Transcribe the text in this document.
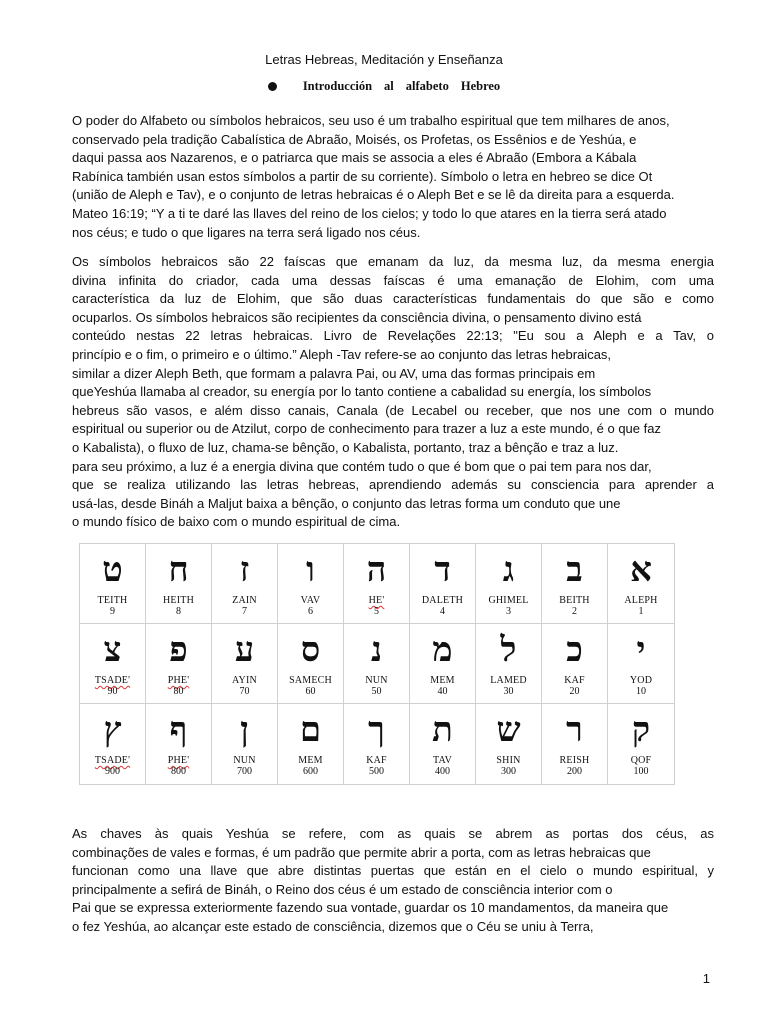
Letras Hebreas, Meditación y Enseñanza
Introducción al alfabeto Hebreo
O poder do Alfabeto ou símbolos hebraicos, seu uso é um trabalho espiritual que tem milhares de anos,
conservado pela tradição Cabalística de Abraão, Moisés, os Profetas, os Essênios e de Yeshúa, e
daqui passa aos Nazarenos, e o patriarca que mais se associa a eles é Abraão (Embora a Kábala
Rabínica también usan estos símbolos a partir de su corriente). Símbolo o letra en hebreo se dice Ot
(união de Aleph e Tav), e o conjunto de letras hebraicas é o Aleph Bet e se lê da direita para a esquerda.
Mateo 16:19; “Y a ti te daré las llaves del reino de los cielos; y todo lo que atares en la tierra será atado
nos céus; e tudo o que ligares na terra será ligado nos céus.
Os símbolos hebraicos são 22 faíscas que emanam da luz, da mesma luz, da mesma energia
divina infinita do criador, cada uma dessas faíscas é uma emanação de Elohim, com uma
característica da luz de Elohim, que são duas características fundamentais do que são e como
ocuparlos. Os símbolos hebraicos são recipientes da consciência divina, o pensamento divino está
conteúdo nestas 22 letras hebraicas. Livro de Revelações 22:13; "Eu sou a Aleph e a Tav, o
princípio e o fim, o primeiro e o último.” Aleph -Tav refere-se ao conjunto das letras hebraicas,
similar a dizer Aleph Beth, que formam a palavra Pai, ou AV, uma das formas principais em
queYeshúa llamaba al creador, su energía por lo tanto contiene a cabalidad su energía, los símbolos
hebreus são vasos, e além disso canais, Canala (de Lecabel ou receber, que nos une com o mundo
espiritual ou superior ou de Atzilut, corpo de conhecimento para trazer a luz a este mundo, é o que faz
o Kabalista), o fluxo de luz, chama-se bênção, o Kabalista, portanto, traz a bênção e traz a luz.
para seu próximo, a luz é a energia divina que contém tudo o que é bom que o pai tem para nos dar,
que se realiza utilizando las letras hebreas, aprendiendo además su consciencia para aprender a
usá-las, desde Bináh a Maljut baixa a bênção, o conjunto das letras forma um conduto que une
o mundo físico de baixo com o mundo espiritual de cima.
ט
TEITH
9
ח
HEITH
8
ז
ZAIN
7
ו
VAV
6
ה
HE'
5
ד
DALETH
4
ג
GHIMEL
3
ב
BEITH
2
א
ALEPH
1
צ
TSADE'
90
פ
PHE'
80
ע
AYIN
70
ס
SAMECH
60
נ
NUN
50
מ
MEM
40
ל
LAMED
30
כ
KAF
20
י
YOD
10
ץ
TSADE'
900
ף
PHE'
800
ן
NUN
700
ם
MEM
600
ך
KAF
500
ת
TAV
400
ש
SHIN
300
ר
REISH
200
ק
QOF
100
As chaves às quais Yeshúa se refere, com as quais se abrem as portas dos céus, as
combinações de vales e formas, é um padrão que permite abrir a porta, com as letras hebraicas que
funcionan como una llave que abre distintas puertas que están en el cielo o mundo espiritual, y
principalmente a sefirá de Bináh, o Reino dos céus é um estado de consciência interior com o
Pai que se expressa exteriormente fazendo sua vontade, guardar os 10 mandamentos, da maneira que
o fez Yeshúa, ao alcançar este estado de consciência, dizemos que o Céu se uniu à Terra,
1
